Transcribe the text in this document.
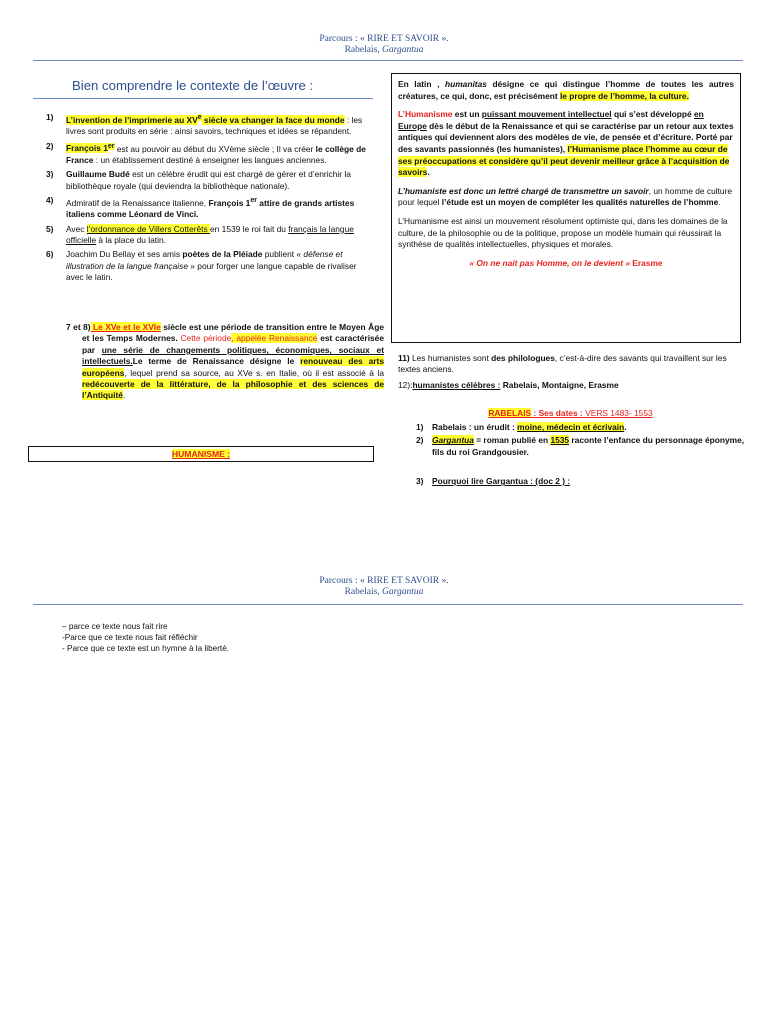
Parcours : « RIRE ET SAVOIR ».
Rabelais, Gargantua
Bien comprendre le contexte de l’œuvre :
1) L’invention de l’imprimerie au XVe siècle va changer la face du monde : les livres sont produits en série : ainsi savoirs, techniques et idées se répandent.
2) François 1er est au pouvoir au début du XVème siècle ; Il va créer le collège de France : un établissement destiné à enseigner les langues anciennes.
3) Guillaume Budé est un célèbre érudit qui est chargé de gérer et d’enrichir la bibliothèque royale (qui deviendra la bibliothèque nationale).
4) Admiratif de la Renaissance italienne, François 1er attire de grands artistes italiens comme Léonard de Vinci.
5) Avec l’ordonnance de Villers Cotterêts en 1539 le roi fait du français la langue officielle à la place du latin.
6) Joachim Du Bellay et ses amis poètes de la Pléiade publient « défense et illustration de la langue française » pour forger une langue capable de rivaliser avec le latin.
7 et 8) Le XVe et le XVIe siècle est une période de transition entre le Moyen Âge et les Temps Modernes. Cette période, appelée Renaissance est caractérisée par une série de changements politiques, économiques, sociaux et intellectuels.Le terme de Renaissance désigne le renouveau des arts européens, lequel prend sa source, au XVe s. en Italie, où il est associé à la redécouverte de la littérature, de la philosophie et des sciences de l’Antiquité.
HUMANISME :

En latin , humanitas désigne ce qui distingue l’homme de toutes les autres créatures, ce qui, donc, est précisément le propre de l’homme, la culture.

L’Humanisme est un puissant mouvement intellectuel qui s’est développé en Europe dès le début de la Renaissance et qui se caractérise par un retour aux textes antiques qui deviennent alors des modèles de vie, de pensée et d’écriture. Porté par des savants passionnés (les humanistes), l’Humanisme place l’homme au cœur de ses préoccupations et considère qu’il peut devenir meilleur grâce à l’acquisition de savoirs.

L’humaniste est donc un lettré chargé de transmettre un savoir, un homme de culture pour lequel l’étude est un moyen de compléter les qualités naturelles de l’homme.

L’Humanisme est ainsi un mouvement résolument optimiste qui, dans les domaines de la culture, de la philosophie ou de la politique, propose un modèle humain qui réussirait la synthèse de qualités intellectuelles, physiques et morales.

« On ne nait pas Homme, on le devient » Erasme

11) Les humanistes sont des philologues, c’est-à-dire des savants qui travaillent sur les textes anciens.
12):humanistes célèbres : Rabelais, Montaigne, Erasme
RABELAIS : Ses dates : VERS 1483- 1553
1) Rabelais : un érudit : moine, médecin et écrivain.
2) Gargantua = roman publié en 1535 raconte l’enfance du personnage éponyme, fils du roi Grandgousier.
3) Pourquoi lire Gargantua : (doc 2 ) :
Parcours : « RIRE ET SAVOIR ».
Rabelais, Gargantua
– parce ce texte nous fait rire
-Parce que ce texte nous fait réfléchir
- Parce que ce texte est un hymne à la liberté.
